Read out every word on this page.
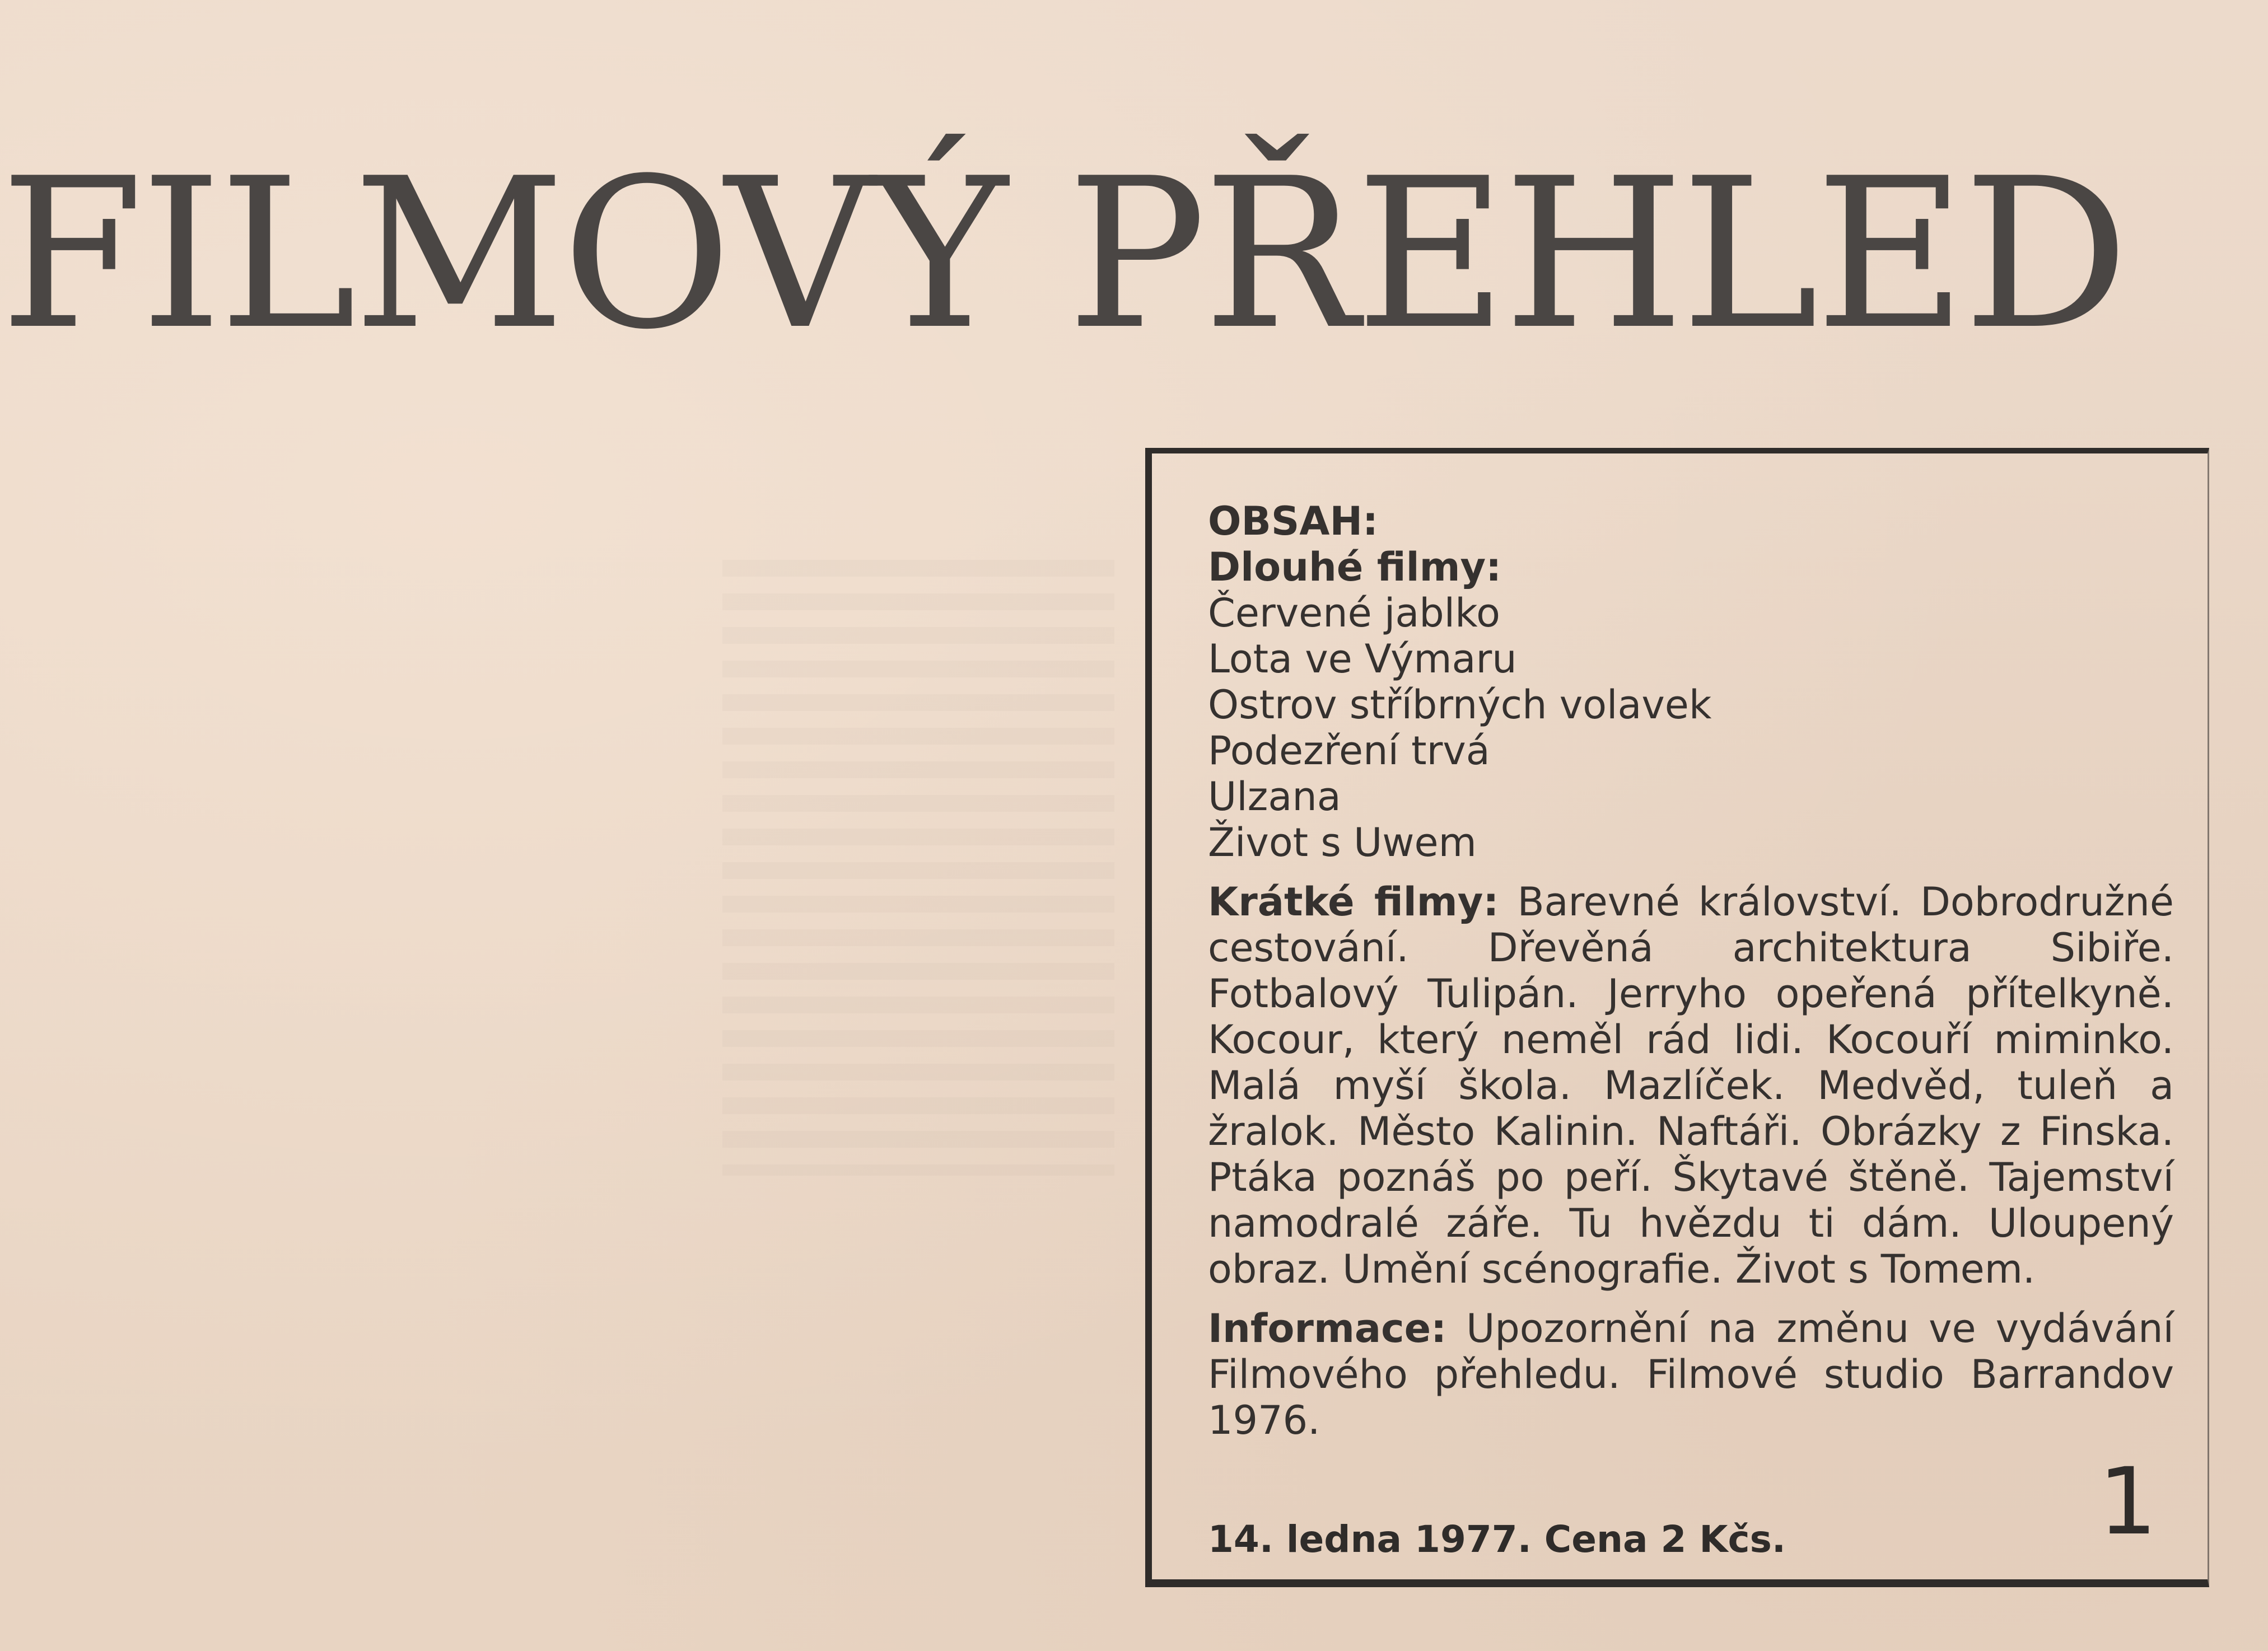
FILMOVÝ PŘEHLED
OBSAH:
Dlouhé filmy:
Červené jablko
Lota ve Výmaru
Ostrov stříbrných volavek
Podezření trvá
Ulzana
Život s Uwem
Krátké filmy: Barevné království. Dobrodružné cestování. Dřevěná architektura Sibiře. Fotbalový Tulipán. Jerryho opeřená přítelkyně. Kocour, který neměl rád lidi. Kocouří miminko. Malá myší škola. Mazlíček. Medvěd, tuleň a žralok. Město Kalinin. Naftáři. Obrázky z Finska. Ptáka poznáš po peří. Škytavé štěně. Tajemství namodralé záře. Tu hvězdu ti dám. Uloupený obraz. Umění scénografie. Život s Tomem.
Informace: Upozornění na změnu ve vydávání Filmového přehledu. Filmové studio Barrandov 1976.
14. ledna 1977. Cena 2 Kčs.	1
